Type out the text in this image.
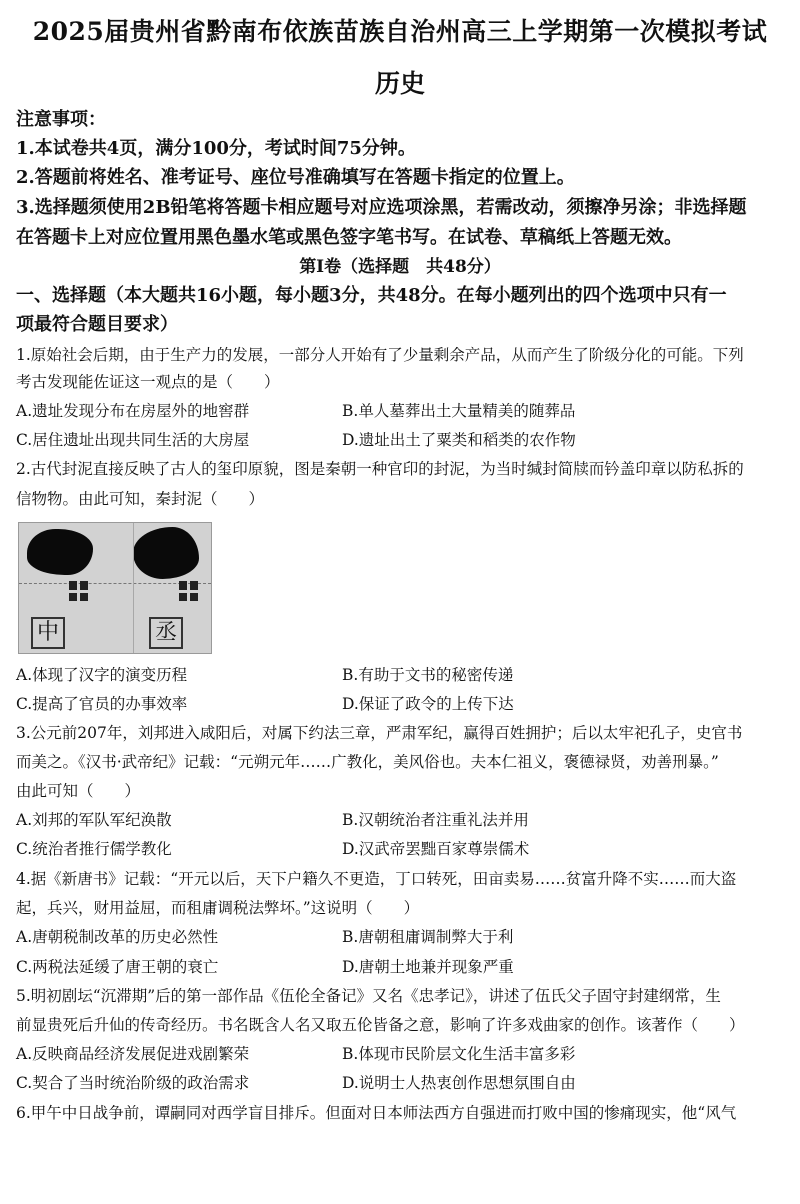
2025届贵州省黔南布依族苗族自治州高三上学期第一次模拟考试
历史
注意事项：
1.本试卷共4页，满分100分，考试时间75分钟。
2.答题前将姓名、准考证号、座位号准确填写在答题卡指定的位置上。
3.选择题须使用2B铅笔将答题卡相应题号对应选项涂黑，若需改动，须擦净另涂；非选择题
在答题卡上对应位置用黑色墨水笔或黑色签字笔书写。在试卷、草稿纸上答题无效。
第Ⅰ卷（选择题　共48分）
一、选择题（本大题共16小题，每小题3分，共48分。在每小题列出的四个选项中只有一
项最符合题目要求）
1.原始社会后期，由于生产力的发展，一部分人开始有了少量剩余产品，从而产生了阶级分化的可能。下列
考古发现能佐证这一观点的是（　　）
A.遗址发现分布在房屋外的地窖群	B.单人墓葬出土大量精美的随葬品
C.居住遗址出现共同生活的大房屋	D.遗址出土了粟类和稻类的农作物
2.古代封泥直接反映了古人的玺印原貌，图是秦朝一种官印的封泥，为当时缄封简牍而钤盖印章以防私拆的
信物物。由此可知，秦封泥（　　）
中	丞
A.体现了汉字的演变历程	B.有助于文书的秘密传递
C.提高了官员的办事效率	D.保证了政令的上传下达
3.公元前207年，刘邦进入咸阳后，对属下约法三章，严肃军纪，赢得百姓拥护；后以太牢祀孔子，史官书
而美之。《汉书·武帝纪》记载：“元朔元年……广教化，美风俗也。夫本仁祖义，褒德禄贤，劝善刑暴。”
由此可知（　　）
A.刘邦的军队军纪涣散	B.汉朝统治者注重礼法并用
C.统治者推行儒学教化	D.汉武帝罢黜百家尊崇儒术
4.据《新唐书》记载：“开元以后，天下户籍久不更造，丁口转死，田亩卖易……贫富升降不实……而大盗
起，兵兴，财用益屈，而租庸调税法弊坏。”这说明（　　）
A.唐朝税制改革的历史必然性	B.唐朝租庸调制弊大于利
C.两税法延缓了唐王朝的衰亡	D.唐朝土地兼并现象严重
5.明初剧坛“沉滞期”后的第一部作品《伍伦全备记》又名《忠孝记》，讲述了伍氏父子固守封建纲常，生
前显贵死后升仙的传奇经历。书名既含人名又取五伦皆备之意，影响了许多戏曲家的创作。该著作（　　）
A.反映商品经济发展促进戏剧繁荣	B.体现市民阶层文化生活丰富多彩
C.契合了当时统治阶级的政治需求	D.说明士人热衷创作思想氛围自由
6.甲午中日战争前，谭嗣同对西学盲目排斥。但面对日本师法西方自强进而打败中国的惨痛现实，他“风气
